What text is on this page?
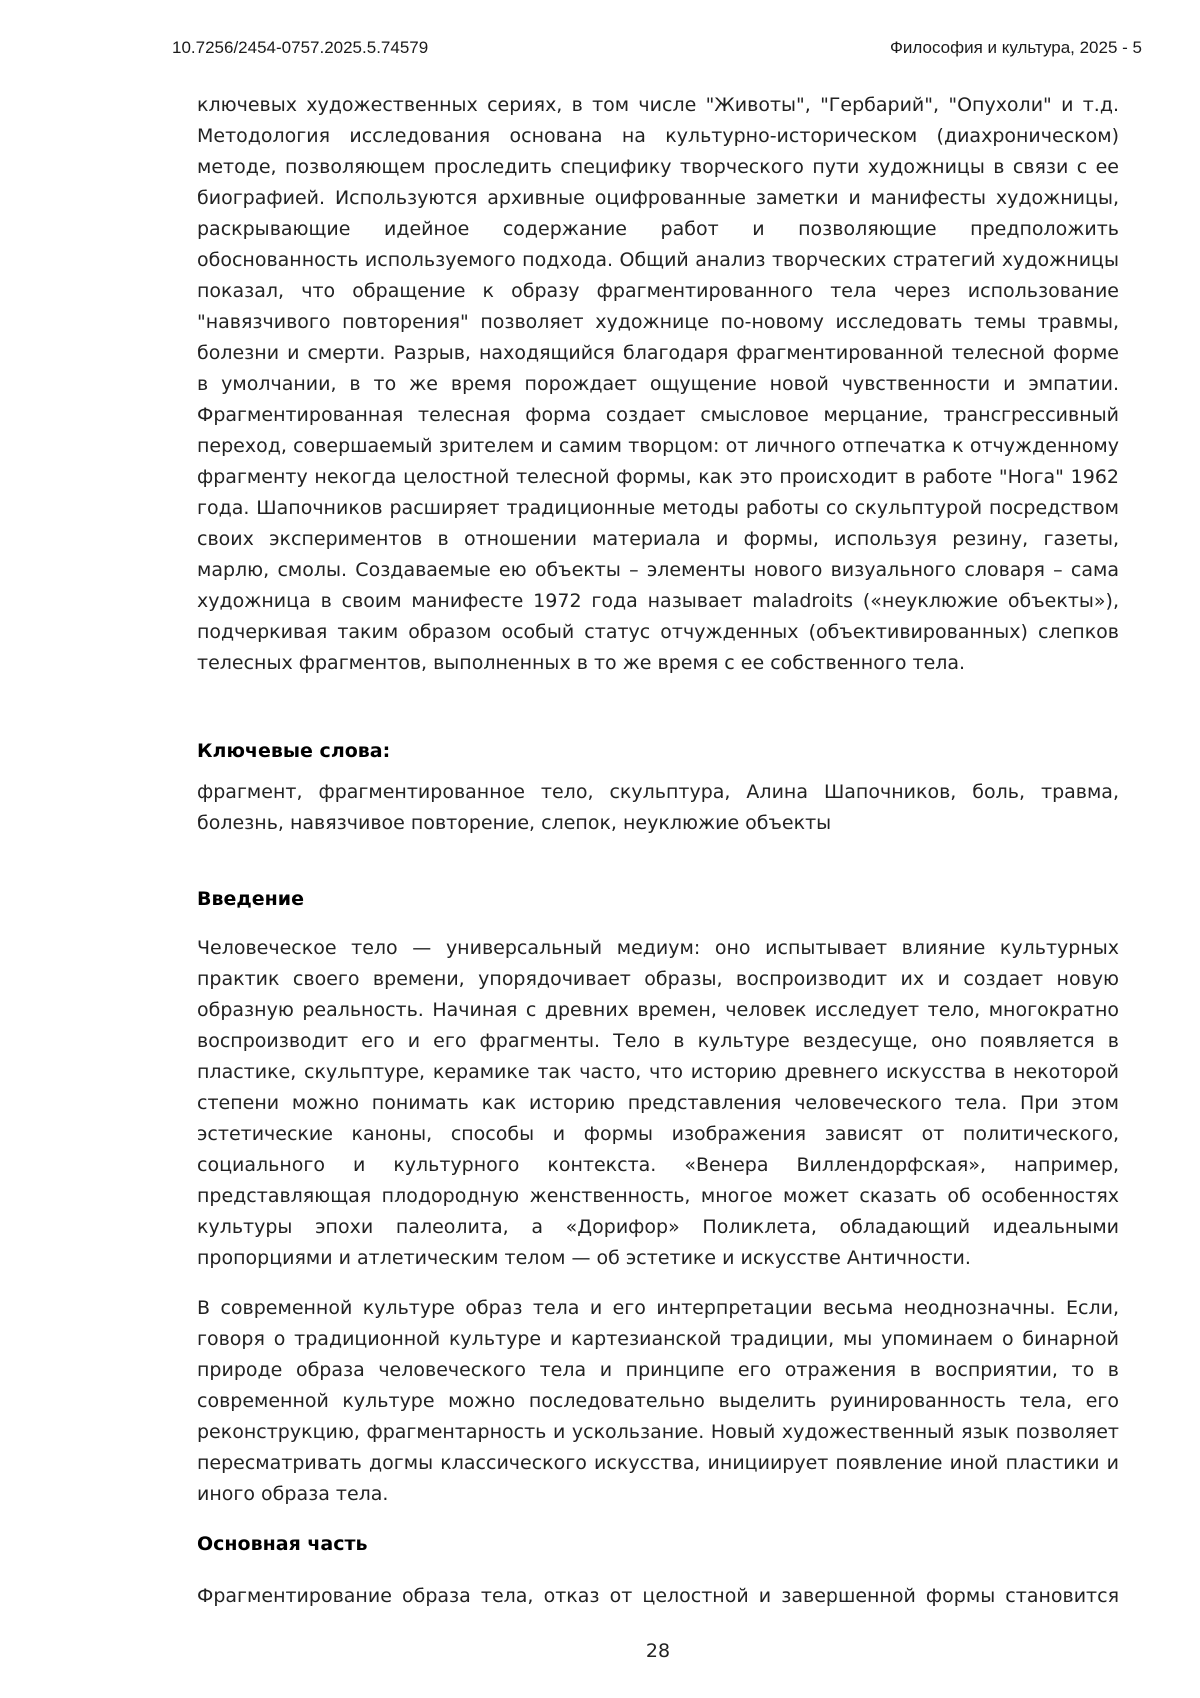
10.7256/2454-0757.2025.5.74579	Философия и культура, 2025 - 5
ключевых художественных сериях, в том числе "Животы", "Гербарий", "Опухоли" и т.д.
Методология исследования основана на культурно-историческом (диахроническом)
методе, позволяющем проследить специфику творческого пути художницы в связи с ее
биографией. Используются архивные оцифрованные заметки и манифесты художницы,
раскрывающие идейное содержание работ и позволяющие предположить
обоснованность используемого подхода. Общий анализ творческих стратегий художницы
показал, что обращение к образу фрагментированного тела через использование
"навязчивого повторения" позволяет художнице по-новому исследовать темы травмы,
болезни и смерти. Разрыв, находящийся благодаря фрагментированной телесной форме
в умолчании, в то же время порождает ощущение новой чувственности и эмпатии.
Фрагментированная телесная форма создает смысловое мерцание, трансгрессивный
переход, совершаемый зрителем и самим творцом: от личного отпечатка к отчужденному
фрагменту некогда целостной телесной формы, как это происходит в работе "Нога" 1962
года. Шапочников расширяет традиционные методы работы со скульптурой посредством
своих экспериментов в отношении материала и формы, используя резину, газеты,
марлю, смолы. Создаваемые ею объекты – элементы нового визуального словаря – сама
художница в своим манифесте 1972 года называет maladroits («неуклюжие объекты»),
подчеркивая таким образом особый статус отчужденных (объективированных) слепков
телесных фрагментов, выполненных в то же время с ее собственного тела.
Ключевые слова:
фрагмент, фрагментированное тело, скульптура, Алина Шапочников, боль, травма,
болезнь, навязчивое повторение, слепок, неуклюжие объекты
Введение
Человеческое тело — универсальный медиум: оно испытывает влияние культурных
практик своего времени, упорядочивает образы, воспроизводит их и создает новую
образную реальность. Начиная с древних времен, человек исследует тело, многократно
воспроизводит его и его фрагменты. Тело в культуре вездесуще, оно появляется в
пластике, скульптуре, керамике так часто, что историю древнего искусства в некоторой
степени можно понимать как историю представления человеческого тела. При этом
эстетические каноны, способы и формы изображения зависят от политического,
социального и культурного контекста. «Венера Виллендорфская», например,
представляющая плодородную женственность, многое может сказать об особенностях
культуры эпохи палеолита, а «Дорифор» Поликлета, обладающий идеальными
пропорциями и атлетическим телом — об эстетике и искусстве Античности.
В современной культуре образ тела и его интерпретации весьма неоднозначны. Если,
говоря о традиционной культуре и картезианской традиции, мы упоминаем о бинарной
природе образа человеческого тела и принципе его отражения в восприятии, то в
современной культуре можно последовательно выделить руинированность тела, его
реконструкцию, фрагментарность и ускользание. Новый художественный язык позволяет
пересматривать догмы классического искусства, инициирует появление иной пластики и
иного образа тела.
Основная часть
Фрагментирование образа тела, отказ от целостной и завершенной формы становится
28
